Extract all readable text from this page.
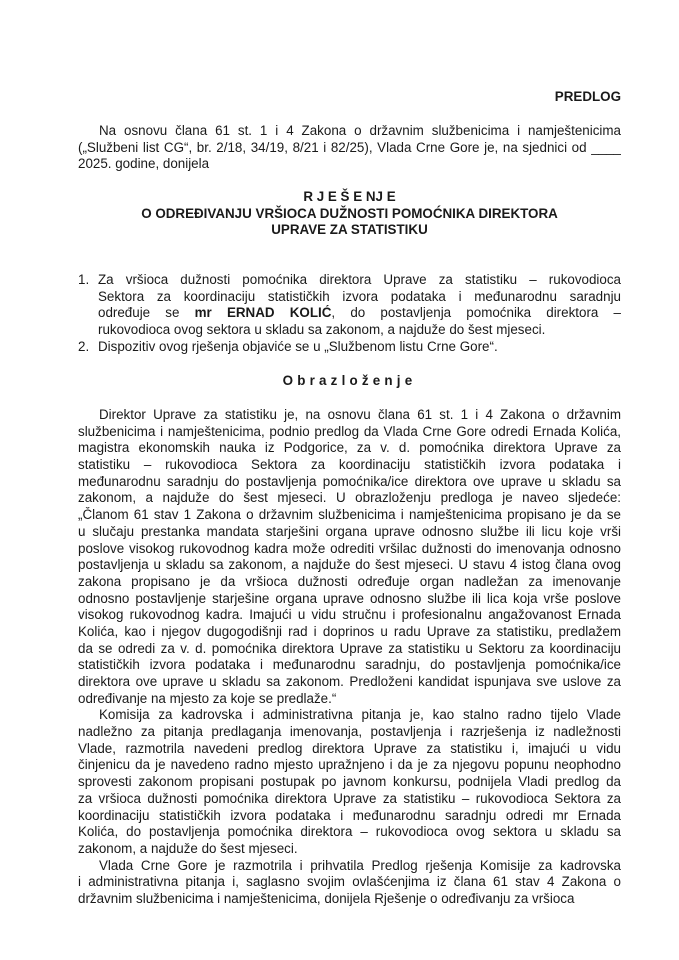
PREDLOG
Na osnovu člana 61 st. 1 i 4 Zakona o državnim službenicima i namještenicima
(„Službeni list CG“, br. 2/18, 34/19, 8/21 i 82/25), Vlada Crne Gore je, na sjednici od ____
2025. godine, donijela
R J E Š E NJ E
O ODREĐIVANJU VRŠIOCA DUŽNOSTI POMOĆNIKA DIREKTORA
UPRAVE ZA STATISTIKU
1. Za vršioca dužnosti pomoćnika direktora Uprave za statistiku – rukovodioca
Sektora za koordinaciju statističkih izvora podataka i međunarodnu saradnju
određuje se mr ERNAD KOLIĆ, do postavljenja pomoćnika direktora –
rukovodioca ovog sektora u skladu sa zakonom, a najduže do šest mjeseci.
2. Dispozitiv ovog rješenja objaviće se u „Službenom listu Crne Gore“.
Obrazloženje
Direktor Uprave za statistiku je, na osnovu člana 61 st. 1 i 4 Zakona o državnim
službenicima i namještenicima, podnio predlog da Vlada Crne Gore odredi Ernada Kolića,
magistra ekonomskih nauka iz Podgorice, za v. d. pomoćnika direktora Uprave za
statistiku – rukovodioca Sektora za koordinaciju statističkih izvora podataka i
međunarodnu saradnju do postavljenja pomoćnika/ice direktora ove uprave u skladu sa
zakonom, a najduže do šest mjeseci. U obrazloženju predloga je naveo sljedeće:
„Članom 61 stav 1 Zakona o državnim službenicima i namještenicima propisano je da se
u slučaju prestanka mandata starješini organa uprave odnosno službe ili licu koje vrši
poslove visokog rukovodnog kadra može odrediti vršilac dužnosti do imenovanja odnosno
postavljenja u skladu sa zakonom, a najduže do šest mjeseci. U stavu 4 istog člana ovog
zakona propisano je da vršioca dužnosti određuje organ nadležan za imenovanje
odnosno postavljenje starješine organa uprave odnosno službe ili lica koja vrše poslove
visokog rukovodnog kadra. Imajući u vidu stručnu i profesionalnu angažovanost Ernada
Kolića, kao i njegov dugogodišnji rad i doprinos u radu Uprave za statistiku, predlažem
da se odredi za v. d. pomoćnika direktora Uprave za statistiku u Sektoru za koordinaciju
statističkih izvora podataka i međunarodnu saradnju, do postavljenja pomoćnika/ice
direktora ove uprave u skladu sa zakonom. Predloženi kandidat ispunjava sve uslove za
određivanje na mjesto za koje se predlaže.“
Komisija za kadrovska i administrativna pitanja je, kao stalno radno tijelo Vlade
nadležno za pitanja predlaganja imenovanja, postavljenja i razrješenja iz nadležnosti
Vlade, razmotrila navedeni predlog direktora Uprave za statistiku i, imajući u vidu
činjenicu da je navedeno radno mjesto upražnjeno i da je za njegovu popunu neophodno
sprovesti zakonom propisani postupak po javnom konkursu, podnijela Vladi predlog da
za vršioca dužnosti pomoćnika direktora Uprave za statistiku – rukovodioca Sektora za
koordinaciju statističkih izvora podataka i međunarodnu saradnju odredi mr Ernada
Kolića, do postavljenja pomoćnika direktora – rukovodioca ovog sektora u skladu sa
zakonom, a najduže do šest mjeseci.
Vlada Crne Gore je razmotrila i prihvatila Predlog rješenja Komisije za kadrovska
i administrativna pitanja i, saglasno svojim ovlašćenjima iz člana 61 stav 4 Zakona o
državnim službenicima i namještenicima, donijela Rješenje o određivanju za vršioca
